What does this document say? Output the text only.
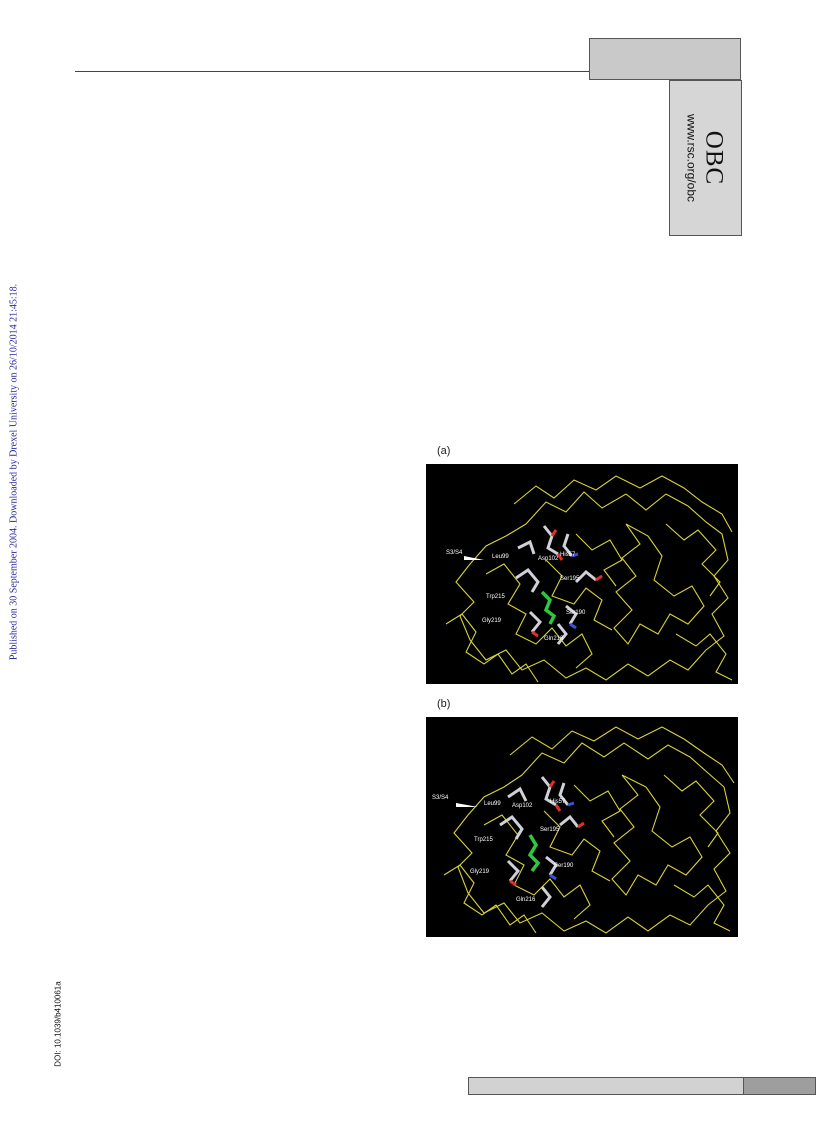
OBC
www.rsc.org/obc
Published on 30 September 2004. Downloaded by Drexel University on 26/10/2014 21:45:18.
DOI: 10.1039/b410061a
(a)
S3/S4
Leu99	Asp102
His57
Ser195
Trp215
Gly219
Ser190
Gln216
(b)
S3/S4
Leu99 Asp102
His57
Ser195
Trp215
Gly219
Ser190
Gln216
